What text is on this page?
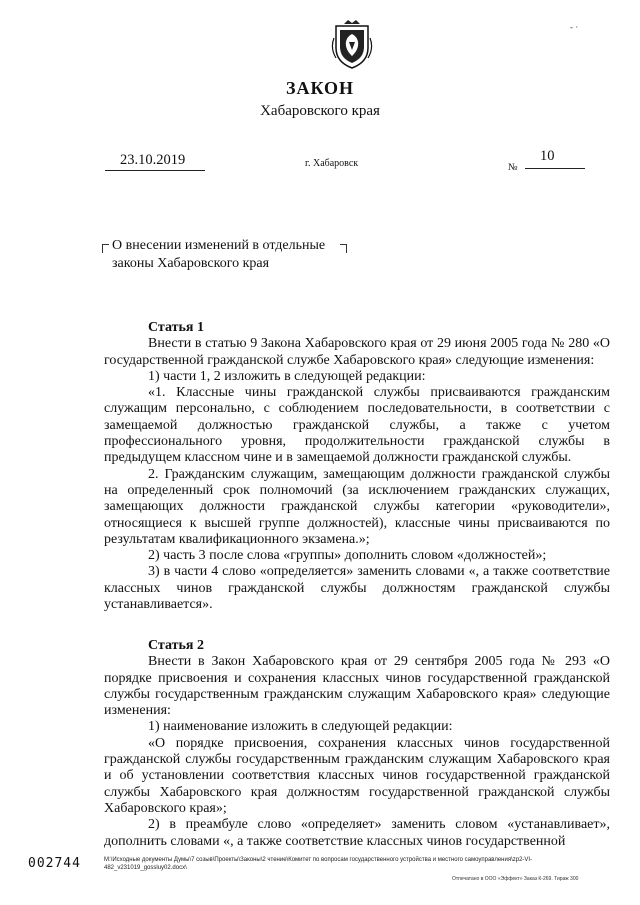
- ·
ЗАКОН
Хабаровского края
23.10.2019	г. Хабаровск	№
10
О внесении изменений в отдельные
законы Хабаровского края

Статья 1

Внести в статью 9 Закона Хабаровского края от 29 июня 2005 года № 280 «О государственной гражданской службе Хабаровского края» следующие изменения:

1) части 1, 2 изложить в следующей редакции:

«1. Классные чины гражданской службы присваиваются гражданским служащим персонально, с соблюдением последовательности, в соответствии с замещаемой должностью гражданской службы, а также с учетом профессионального уровня, продолжительности гражданской службы в предыдущем классном чине и в замещаемой должности гражданской службы.

2. Гражданским служащим, замещающим должности гражданской службы на определенный срок полномочий (за исключением гражданских служащих, замещающих должности гражданской службы категории «руководители», относящиеся к высшей группе должностей), классные чины присваиваются по результатам квалификационного экзамена.»;

2) часть 3 после слова «группы» дополнить словом «должностей»;

3) в части 4 слово «определяется» заменить словами «, а также соответствие классных чинов гражданской службы должностям гражданской службы устанавливается».

Статья 2

Внести в Закон Хабаровского края от 29 сентября 2005 года № 293 «О порядке присвоения и сохранения классных чинов государственной гражданской службы государственным гражданским служащим Хабаровского края» следующие изменения:

1) наименование изложить в следующей редакции:

«О порядке присвоения, сохранения классных чинов государственной гражданской службы государственным гражданским служащим Хабаровского края и об установлении соответствия классных чинов государственной гражданской службы Хабаровского края должностям государственной гражданской службы Хабаровского края»;

2) в преамбуле слово «определяет» заменить словом «устанавливает», дополнить словами «, а также соответствие классных чинов государственной

002744	M:\Исходные документы Думы\7 созыв\Проекты\Законы\2 чтение\Комитет по вопросам государственного устройства и местного самоуправления\zp2-VI-482_v231019_gossluy02.docx\
Отпечатано в ООО «Эффект» Заказ К-269. Тираж 300
